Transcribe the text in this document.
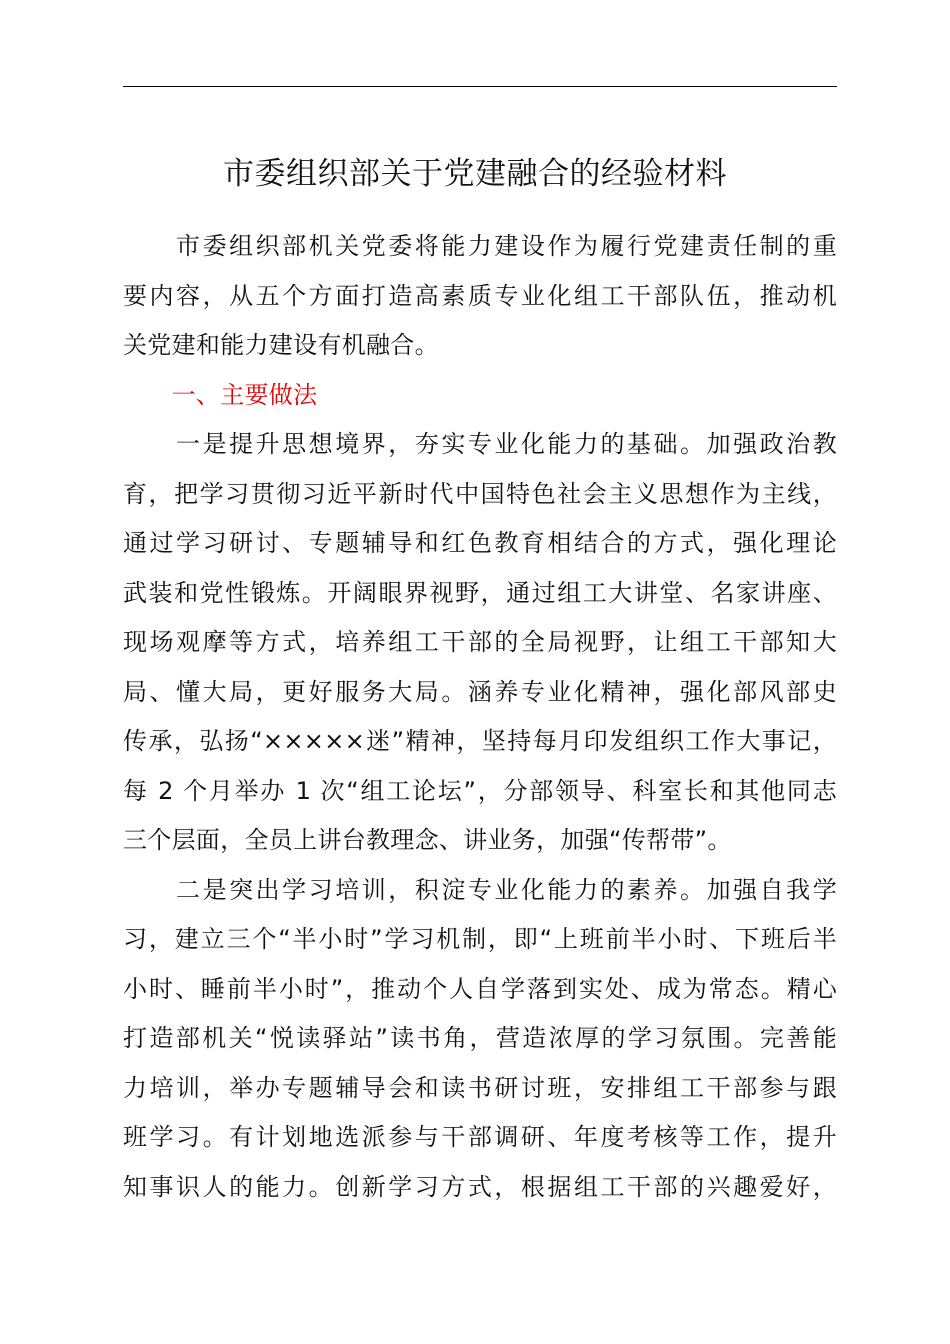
市委组织部关于党建融合的经验材料

　　市委组织部机关党委将能力建设作为履行党建责任制的重
要内容，从五个方面打造高素质专业化组工干部队伍，推动机
关党建和能力建设有机融合。

　　一、主要做法

　　一是提升思想境界，夯实专业化能力的基础。加强政治教
育，把学习贯彻习近平新时代中国特色社会主义思想作为主线，
通过学习研讨、专题辅导和红色教育相结合的方式，强化理论
武装和党性锻炼。开阔眼界视野，通过组工大讲堂、名家讲座、
现场观摩等方式，培养组工干部的全局视野，让组工干部知大
局、懂大局，更好服务大局。涵养专业化精神，强化部风部史
传承，弘扬“×××××迷”精神，坚持每月印发组织工作大事记，
每 2 个月举办 1 次“组工论坛”，分部领导、科室长和其他同志
三个层面，全员上讲台教理念、讲业务，加强“传帮带”。

　　二是突出学习培训，积淀专业化能力的素养。加强自我学
习，建立三个“半小时”学习机制，即“上班前半小时、下班后半
小时、睡前半小时”，推动个人自学落到实处、成为常态。精心
打造部机关“悦读驿站”读书角，营造浓厚的学习氛围。完善能
力培训，举办专题辅导会和读书研讨班，安排组工干部参与跟
班学习。有计划地选派参与干部调研、年度考核等工作，提升
知事识人的能力。创新学习方式，根据组工干部的兴趣爱好，
